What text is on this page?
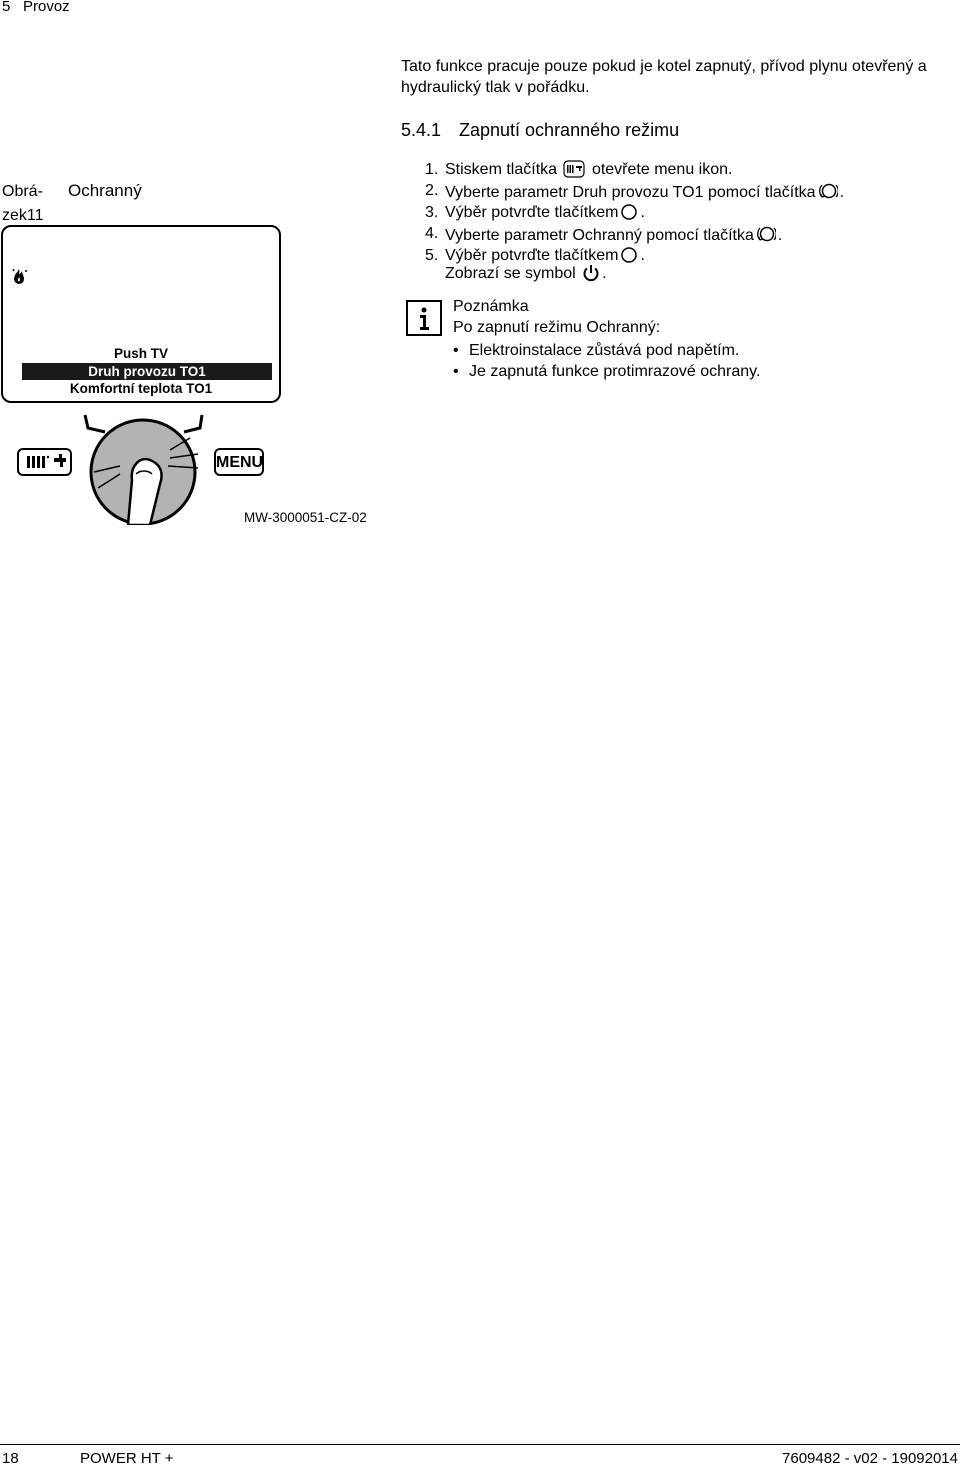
5 Provoz
Tato funkce pracuje pouze pokud je kotel zapnutý, přívod plynu otevřený a hydraulický tlak v pořádku.
5.4.1 Zapnutí ochranného režimu
Obrá-
zek11
Ochranný
Push TV
Druh provozu TO1
Komfortní teplota TO1
MENU
MW-3000051-CZ-02
1. Stiskem tlačítka otevřete menu ikon.
2. Vyberte parametr Druh provozu TO1 pomocí tlačítka .
3. Výběr potvrďte tlačítkem .
4. Vyberte parametr Ochranný pomocí tlačítka .
5. Výběr potvrďte tlačítkem .
Zobrazí se symbol .
Poznámka
Po zapnutí režimu Ochranný:
• Elektroinstalace zůstává pod napětím.
• Je zapnutá funkce protimrazové ochrany.
18	POWER HT +	7609482 - v02 - 19092014
